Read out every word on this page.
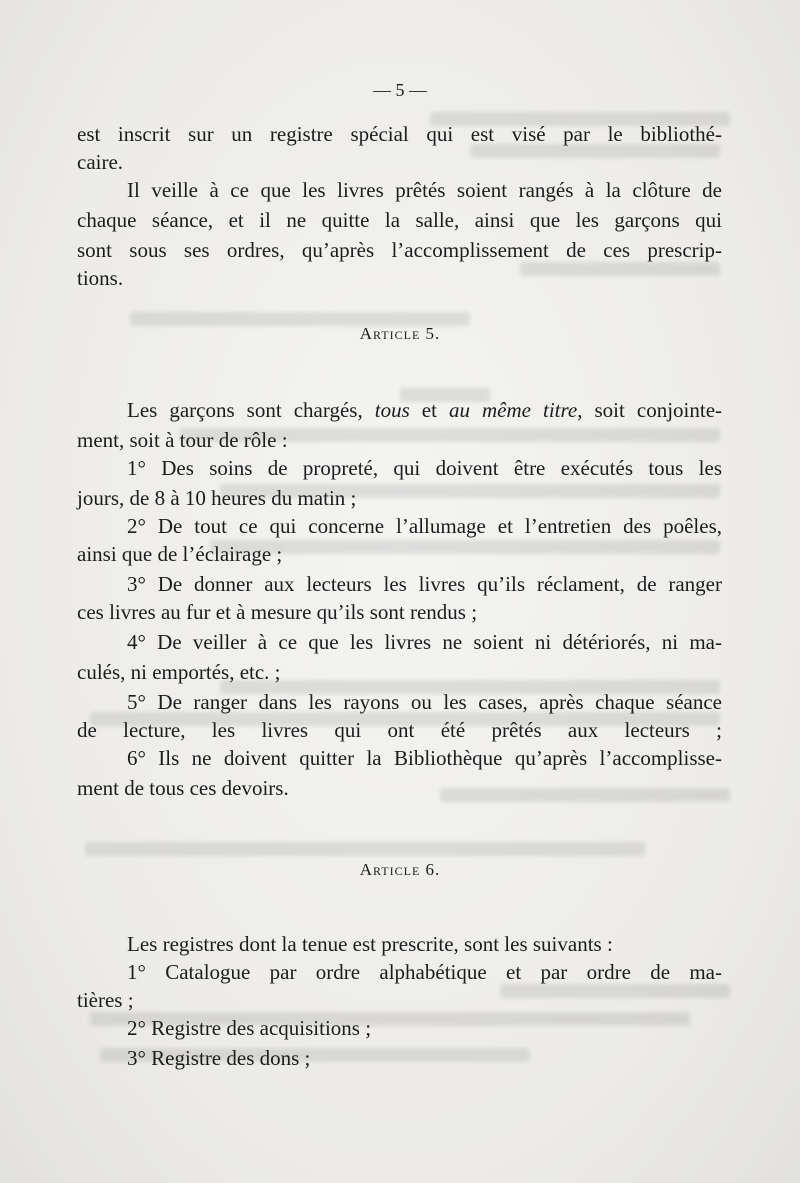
— 5 —
est inscrit sur un registre spécial qui est visé par le bibliothé-
caire.
Il veille à ce que les livres prêtés soient rangés à la clôture de
chaque séance, et il ne quitte la salle, ainsi que les garçons qui
sont sous ses ordres, qu’après l’accomplissement de ces prescrip-
tions.
Article 5.
Les garçons sont chargés, tous et au même titre, soit conjointe-
ment, soit à tour de rôle :
1° Des soins de propreté, qui doivent être exécutés tous les
jours, de 8 à 10 heures du matin ;
2° De tout ce qui concerne l’allumage et l’entretien des poêles,
ainsi que de l’éclairage ;
3° De donner aux lecteurs les livres qu’ils réclament, de ranger
ces livres au fur et à mesure qu’ils sont rendus ;
4° De veiller à ce que les livres ne soient ni détériorés, ni ma-
culés, ni emportés, etc. ;
5° De ranger dans les rayons ou les cases, après chaque séance
de lecture, les livres qui ont été prêtés aux lecteurs ;
6° Ils ne doivent quitter la Bibliothèque qu’après l’accomplisse-
ment de tous ces devoirs.
Article 6.
Les registres dont la tenue est prescrite, sont les suivants :
1° Catalogue par ordre alphabétique et par ordre de ma-
tières ;
2° Registre des acquisitions ;
3° Registre des dons ;
